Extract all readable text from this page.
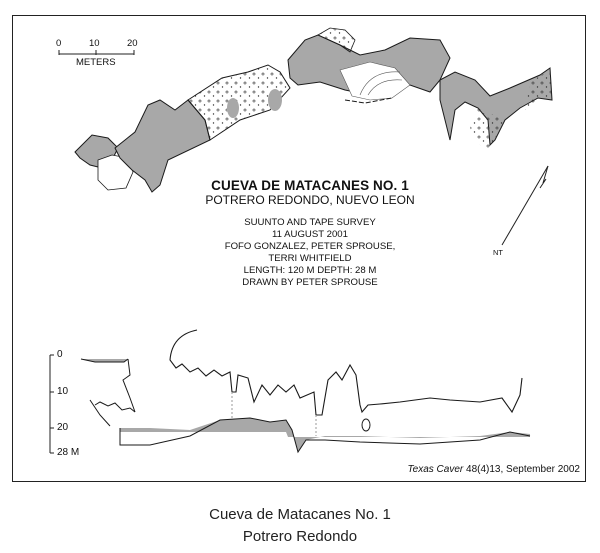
0	10	20
METERS
CUEVA DE MATACANES NO. 1
POTRERO REDONDO, NUEVO LEON
SUUNTO AND TAPE SURVEY
11 AUGUST 2001
FOFO GONZALEZ, PETER SPROUSE,
TERRI WHITFIELD
LENGTH: 120 M DEPTH: 28 M
DRAWN BY PETER SPROUSE
NT
0
10
20
28 M
Texas Caver 48(4)13, September 2002
Cueva de Matacanes No. 1
Potrero Redondo
